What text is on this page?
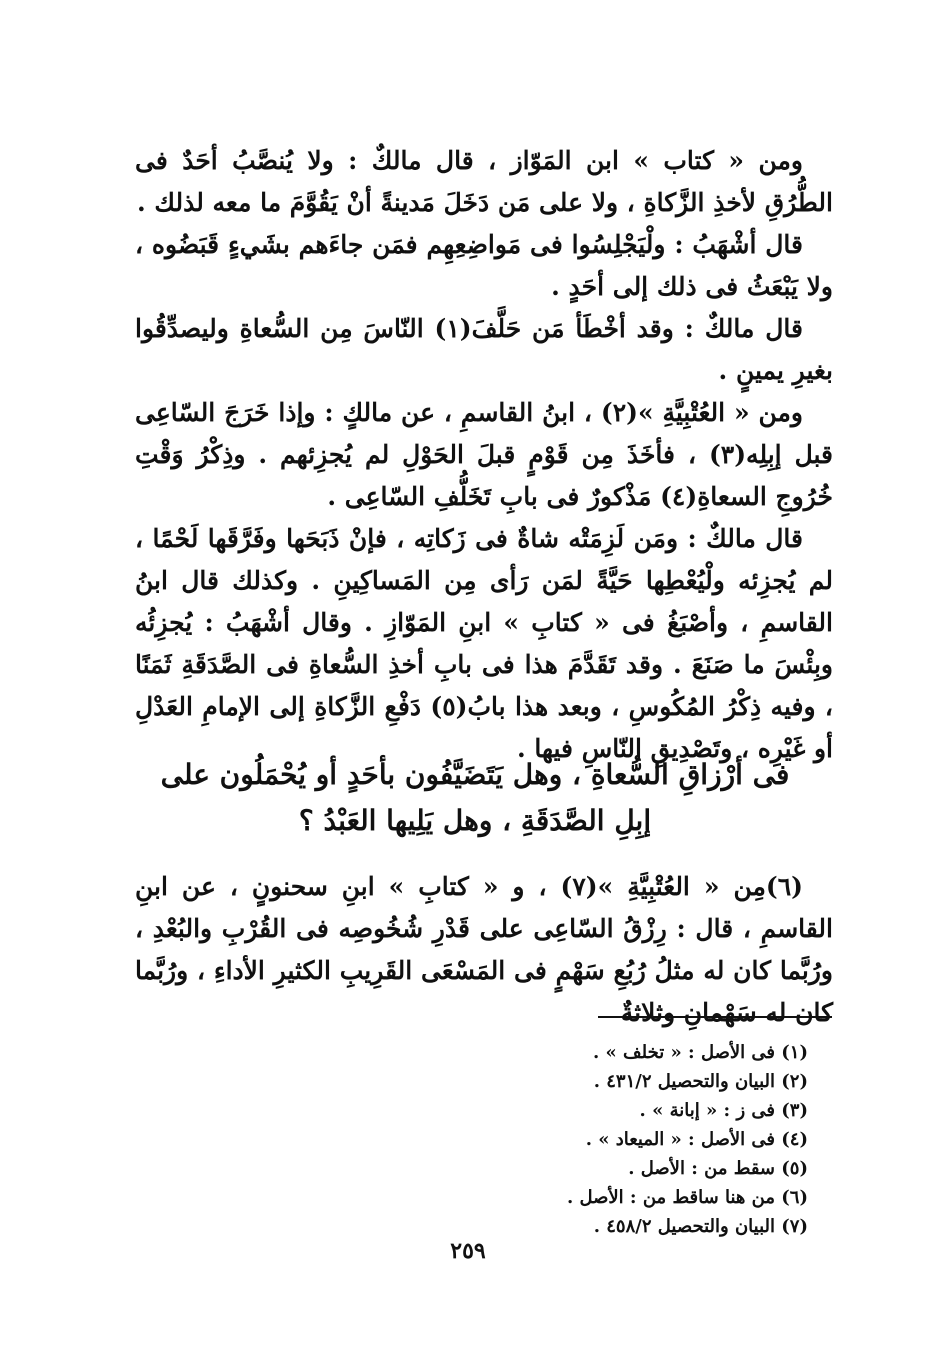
ومن « كتاب » ابن المَوّاز ، قال مالكٌ : ولا يُنصَّبُ أحَدٌ فى الطُّرُقِ لأخذِ الزَّكاةِ ، ولا على مَن دَخَلَ مَدينةً أنْ يَقُوَّمَ ما معه لذلك .

قال أشْهَبُ : ولْيَجْلِسُوا فى مَواضِعِهِم فمَن جاءَهم بشَيءٍ قَبَضُوه ، ولا يَبْعَثُ فى ذلك إلى أحَدٍ .

قال مالكٌ : وقد أخْطَأ مَن حَلَّفَ(١) النّاسَ مِن السُّعاةِ وليصدِّقُوا بغيرِ يمينٍ .

ومن « العُتْبِيَّةِ »(٢) ، ابنُ القاسمِ ، عن مالكٍ : وإذا خَرَجَ السّاعِى قبل إبِلِه(٣) ، فأخَذَ مِن قَوْمٍ قبلَ الحَوْلِ لم يُجزِئهم . وذِكْرُ وَقْتِ خُرُوجِ السعاةِ(٤) مَذْكورٌ فى بابِ تَخَلُّفِ السّاعِى .

قال مالكٌ : ومَن لَزِمَتْه شاةٌ فى زَكاتِه ، فإنْ ذَبَحَها وفَرَّقَها لَحْمًا ، لم يُجزِئه ولْيُعْطِها حَيَّةً لمَن رَأى مِن المَساكِينِ . وكذلك قال ابنُ القاسمِ ، وأصْبَغُ فى « كتابِ » ابنِ المَوّازِ . وقال أشْهَبُ : يُجزِئُه وبِئْسَ ما صَنَعَ . وقد تَقَدَّمَ هذا فى بابِ أخذِ السُّعاةِ فى الصَّدَقَةِ ثَمَنًا ، وفيه ذِكْرُ المُكُوسِ ، وبعد هذا بابُ(٥) دَفْعِ الزَّكاةِ إلى الإمامِ العَدْلِ أو غَيْرِه ، وتَصْدِيقِ النّاسِ فيها .

فى أرْزاقِ السُّعاةِ ، وهل يَتَضَيَّفُون بأحَدٍ أو يُحْمَلُون على
إبِلِ الصَّدَقَةِ ، وهل يَلِيها العَبْدُ ؟

(٦)مِن « العُتْبِيَّةِ »(٧) ، و « كتابِ » ابنِ سحنونٍ ، عن ابنِ القاسمِ ، قال : رِزْقُ السّاعِى على قَدْرِ شُخُوصِه فى القُرْبِ والبُعْدِ ، ورُبَّما كان له مثلُ رُبُعِ سَهْمٍ فى المَسْعَى القَرِيبِ الكثيرِ الأداءِ ، ورُبَّما كان له سَهْمانِ وثلاثةٌ

(١) فى الأصل : « تخلف » .
(٢) البيان والتحصيل ٤٣١/٢ .
(٣) فى ز : « إبانة » .
(٤) فى الأصل : « الميعاد » .
(٥) سقط من : الأصل .
(٦) من هنا ساقط من : الأصل .
(٧) البيان والتحصيل ٤٥٨/٢ .
٢٥٩
